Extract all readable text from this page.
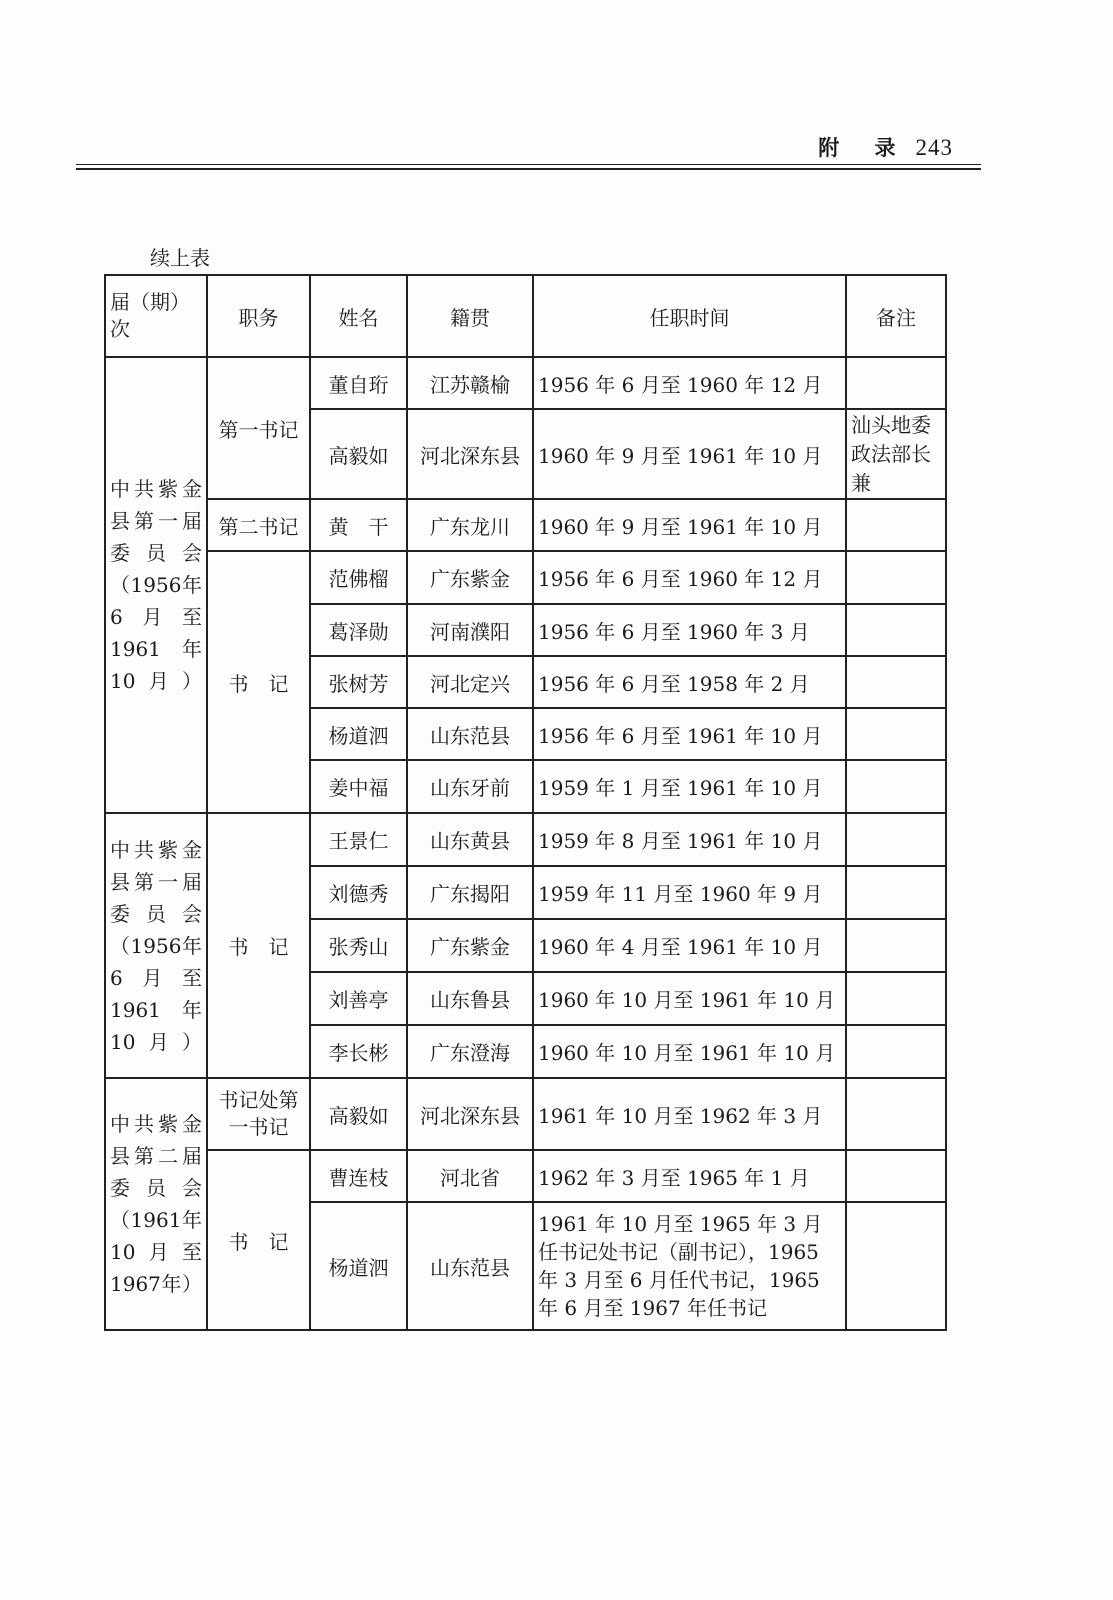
附 录 243
续上表
届（期）次	职务	姓名	籍贯	任职时间	备注

中共紫金县第一届委员会（1956年6月至1961年10月）	第一书记	董自珩	江苏赣榆	1956 年 6 月至 1960 年 12 月	
		高毅如	河北深东县	1960 年 9 月至 1961 年 10 月	汕头地委政法部长兼
	第二书记	黄　干	广东龙川	1960 年 9 月至 1961 年 10 月	
	书　记	范佛榴	广东紫金	1956 年 6 月至 1960 年 12 月	
		葛泽勋	河南濮阳	1956 年 6 月至 1960 年 3 月	
		张树芳	河北定兴	1956 年 6 月至 1958 年 2 月	
		杨道泗	山东范县	1956 年 6 月至 1961 年 10 月	
		姜中福	山东牙前	1959 年 1 月至 1961 年 10 月	

中共紫金县第一届委员会（1956年6月至1961年10月）	书　记	王景仁	山东黄县	1959 年 8 月至 1961 年 10 月	
		刘德秀	广东揭阳	1959 年 11 月至 1960 年 9 月	
		张秀山	广东紫金	1960 年 4 月至 1961 年 10 月	
		刘善亭	山东鲁县	1960 年 10 月至 1961 年 10 月	
		李长彬	广东澄海	1960 年 10 月至 1961 年 10 月	

中共紫金县第二届委员会（1961年10月至1967年）	书记处第一书记	高毅如	河北深东县	1961 年 10 月至 1962 年 3 月	
	书　记	曹连枝	河北省	1962 年 3 月至 1965 年 1 月	
		杨道泗	山东范县	1961 年 10 月至 1965 年 3 月任书记处书记（副书记），1965 年 3 月至 6 月任代书记，1965 年 6 月至 1967 年任书记	
